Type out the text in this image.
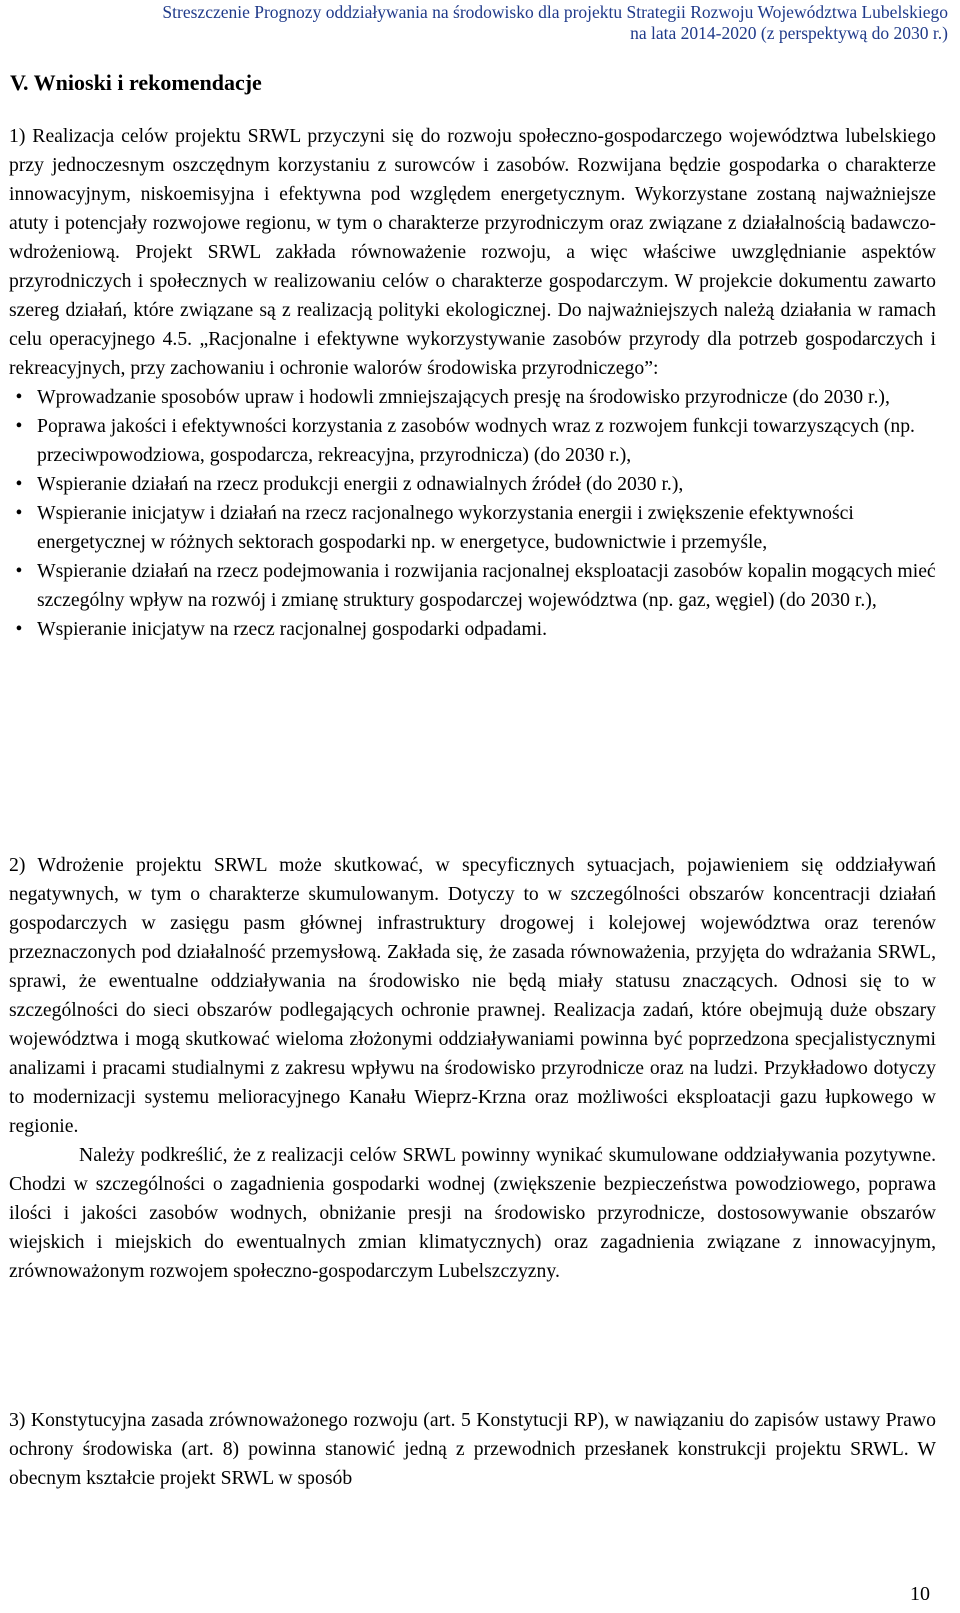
Streszczenie Prognozy oddziaływania na środowisko dla projektu Strategii Rozwoju Województwa Lubelskiego
na lata 2014-2020 (z perspektywą do 2030 r.)
V. Wnioski i rekomendacje

1) Realizacja celów projektu SRWL przyczyni się do rozwoju społeczno-gospodarczego województwa lubelskiego przy jednoczesnym oszczędnym korzystaniu z surowców i zasobów. Rozwijana będzie gospodarka o charakterze innowacyjnym, niskoemisyjna i efektywna pod względem energetycznym. Wykorzystane zostaną najważniejsze atuty i potencjały rozwojowe regionu, w tym o charakterze przyrodniczym oraz związane z działalnością badawczo-wdrożeniową. Projekt SRWL zakłada równoważenie rozwoju, a więc właściwe uwzględnianie aspektów przyrodniczych i społecznych w realizowaniu celów o charakterze gospodarczym. W projekcie dokumentu zawarto szereg działań, które związane są z realizacją polityki ekologicznej. Do najważniejszych należą działania w ramach celu operacyjnego 4.5. „Racjonalne i efektywne wykorzystywanie zasobów przyrody dla potrzeb gospodarczych i rekreacyjnych, przy zachowaniu i ochronie walorów środowiska przyrodniczego”:

• Wprowadzanie sposobów upraw i hodowli zmniejszających presję na środowisko przyrodnicze (do 2030 r.),
• Poprawa jakości i efektywności korzystania z zasobów wodnych wraz z rozwojem funkcji towarzyszących (np. przeciwpowodziowa, gospodarcza, rekreacyjna, przyrodnicza) (do 2030 r.),
• Wspieranie działań na rzecz produkcji energii z odnawialnych źródeł (do 2030 r.),
• Wspieranie inicjatyw i działań na rzecz racjonalnego wykorzystania energii i zwiększenie efektywności energetycznej w różnych sektorach gospodarki np. w energetyce, budownictwie i przemyśle,
• Wspieranie działań na rzecz podejmowania i rozwijania racjonalnej eksploatacji zasobów kopalin mogących mieć szczególny wpływ na rozwój i zmianę struktury gospodarczej województwa (np. gaz, węgiel) (do 2030 r.),
• Wspieranie inicjatyw na rzecz racjonalnej gospodarki odpadami.

2) Wdrożenie projektu SRWL może skutkować, w specyficznych sytuacjach, pojawieniem się oddziaływań negatywnych, w tym o charakterze skumulowanym. Dotyczy to w szczególności obszarów koncentracji działań gospodarczych w zasięgu pasm głównej infrastruktury drogowej i kolejowej województwa oraz terenów przeznaczonych pod działalność przemysłową. Zakłada się, że zasada równoważenia, przyjęta do wdrażania SRWL, sprawi, że ewentualne oddziaływania na środowisko nie będą miały statusu znaczących. Odnosi się to w szczególności do sieci obszarów podlegających ochronie prawnej. Realizacja zadań, które obejmują duże obszary województwa i mogą skutkować wieloma złożonymi oddziaływaniami powinna być poprzedzona specjalistycznymi analizami i pracami studialnymi z zakresu wpływu na środowisko przyrodnicze oraz na ludzi. Przykładowo dotyczy to modernizacji systemu melioracyjnego Kanału Wieprz-Krzna oraz możliwości eksploatacji gazu łupkowego w regionie.

Należy podkreślić, że z realizacji celów SRWL powinny wynikać skumulowane oddziaływania pozytywne. Chodzi w szczególności o zagadnienia gospodarki wodnej (zwiększenie bezpieczeństwa powodziowego, poprawa ilości i jakości zasobów wodnych, obniżanie presji na środowisko przyrodnicze, dostosowywanie obszarów wiejskich i miejskich do ewentualnych zmian klimatycznych) oraz zagadnienia związane z innowacyjnym, zrównoważonym rozwojem społeczno-gospodarczym Lubelszczyzny.

3) Konstytucyjna zasada zrównoważonego rozwoju (art. 5 Konstytucji RP), w nawiązaniu do zapisów ustawy Prawo ochrony środowiska (art. 8) powinna stanowić jedną z przewodnich przesłanek konstrukcji projektu SRWL. W obecnym kształcie projekt SRWL w sposób

10
